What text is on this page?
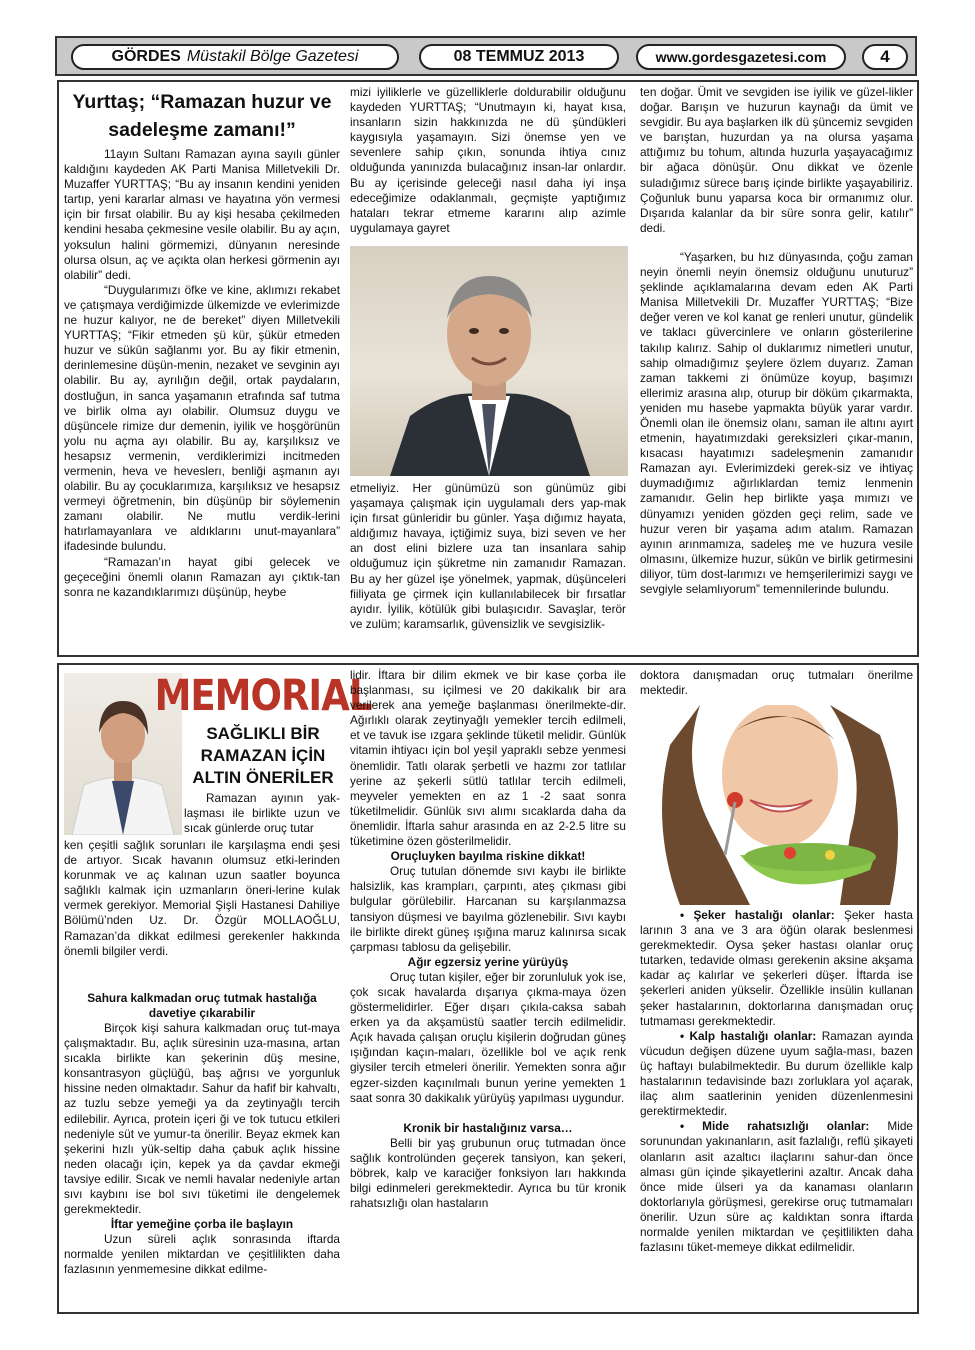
GÖRDES Müstakil Bölge Gazetesi	08 TEMMUZ 2013	www.gordesgazetesi.com	4
Yurttaş; “Ramazan huzur ve
sadeleşme zamanı!”

11ayın Sultanı Ramazan ayına sayılı günler kaldığını kaydeden AK Parti Manisa Milletvekili Dr. Muzaffer YURTTAŞ; “Bu ay insanın kendini yeniden tartıp, yeni kararlar alması ve hayatına yön vermesi için bir fırsat olabilir. Bu ay kişi hesaba çekilmeden kendini hesaba çekmesine vesile olabilir. Bu ay açın, yoksulun halini görmemizi, dünyanın neresinde olursa olsun, aç ve açıkta olan herkesi görmenin ayı olabilir” dedi.

“Duygularımızı öfke ve kine, aklımızı rekabet ve çatışmaya verdiğimizde ülkemizde ve evlerimizde ne huzur kalıyor, ne de bereket” diyen Milletvekili YURTTAŞ; “Fikir etmeden şü kür, şükür etmeden huzur ve sükûn sağlanmı yor. Bu ay fikir etmenin, derinlemesine düşün-menin, nezaket ve sevginin ayı olabilir. Bu ay, ayrılığın değil, ortak paydaların, dostluğun, in sanca yaşamanın etrafında saf tutma ve birlik olma ayı olabilir. Olumsuz duygu ve düşüncele rimize dur demenin, iyilik ve hoşgörünün yolu nu açma ayı olabilir. Bu ay, karşılıksız ve hesapsız vermenin, verdiklerimizi incitmeden vermenin, heva ve heveslerı, benliği aşmanın ayı olabilir. Bu ay çocuklarımıza, karşılıksız ve hesapsız vermeyi öğretmenin, bin düşünüp bir söylemenin zamanı olabilir. Ne mutlu verdik-lerini hatırlamayanlara ve aldıklarını unut-mayanlara” ifadesinde bulundu.

“Ramazan’ın hayat gibi gelecek ve geçeceğini önemli olanın Ramazan ayı çıktık-tan sonra ne kazandıklarımızı düşünüp, heybe

mizi iyiliklerle ve güzelliklerle doldurabilir olduğunu kaydeden YURTTAŞ; “Unutmayın ki, hayat kısa, insanların sizin hakkınızda ne dü şündükleri kaygısıyla yaşamayın. Sizi önemse yen ve sevenlere sahip çıkın, sonunda ihtiya cınız olduğunda yanınızda bulacağınız insan-lar onlardır. Bu ay içerisinde geleceği nasıl daha iyi inşa edeceğimize odaklanmalı, geçmişte yaptığımız hataları tekrar etmeme kararını alıp azimle uygulamaya gayret

etmeliyiz. Her günümüzü son günümüz gibi yaşamaya çalışmak için uygulamalı ders yap-mak için fırsat günleridir bu günler. Yaşa dığımız hayata, aldığımız havaya, içtiğimiz suya, bizi seven ve her an dost elini bizlere uza tan insanlara sahip olduğumuz için şükretme nin zamanıdır Ramazan. Bu ay her güzel işe yönelmek, yapmak, düşünceleri fiiliyata ge çirmek için kullanılabilecek bir fırsatlar ayıdır. İyilik, kötülük gibi bulaşıcıdır. Savaşlar, terör ve zulüm; karamsarlık, güvensizlik ve sevgisizlik-

ten doğar. Ümit ve sevgiden ise iyilik ve güzel-likler doğar. Barışın ve huzurun kaynağı da ümit ve sevgidir. Bu aya başlarken ilk dü şüncemiz sevgiden ve barıştan, huzurdan ya na olursa yaşama attığımız bu tohum, altında huzurla yaşayacağımız bir ağaca dönüşür. Onu dikkat ve özenle suladığımız sürece barış içinde birlikte yaşayabiliriz. Çoğunluk bunu yaparsa koca bir ormanımız olur. Dışarıda kalanlar da bir süre sonra gelir, katılır” dedi.

“Yaşarken, bu hız dünyasında, çoğu zaman neyin önemli neyin önemsiz olduğunu unuturuz” şeklinde açıklamalarına devam eden AK Parti Manisa Milletvekili Dr. Muzaffer YURTTAŞ; “Bize değer veren ve kol kanat ge renleri unutur, gündelik ve taklacı güvercinlere ve onların gösterilerine takılıp kalırız. Sahip ol duklarımız nimetleri unutur, sahip olmadığımız şeylere özlem duyarız. Zaman zaman takkemi zi önümüze koyup, başımızı ellerimiz arasına alıp, oturup bir döküm çıkarmakta, yeniden mu hasebe yapmakta büyük yarar vardır. Önemli olan ile önemsiz olanı, saman ile altını ayırt etmenin, hayatımızdaki gereksizleri çıkar-manın, kısacası hayatımızı sadeleşmenin zamanıdır Ramazan ayı. Evlerimizdeki gerek-siz ve ihtiyaç duymadığımız ağırlıklardan temiz lenmenin zamanıdır. Gelin hep birlikte yaşa mımızı ve dünyamızı yeniden gözden geçi relim, sade ve huzur veren bir yaşama adım atalım. Ramazan ayının arınmamıza, sadeleş me ve huzura vesile olmasını, ülkemize huzur, sükûn ve birlik getirmesini diliyor, tüm dost-larımızı ve hemşerilerimizi saygı ve sevgiyle selamlıyorum” temennilerinde bulundu.

MEMORIAL
SAĞLIKLI BİR
RAMAZAN İÇİN
ALTIN ÖNERİLER

Ramazan ayının yak-laşması ile birlikte uzun ve sıcak günlerde oruç tutar

ken çeşitli sağlık sorunları ile karşılaşma endi şesi de artıyor. Sıcak havanın olumsuz etki-lerinden korunmak ve aç kalınan uzun saatler boyunca sağlıklı kalmak için uzmanların öneri-lerine kulak vermek gerekiyor. Memorial Şişli Hastanesi Dahiliye Bölümü’nden Uz. Dr. Özgür MOLLAOĞLU, Ramazan’da dikkat edilmesi gerekenler hakkında önemli bilgiler verdi.

Sahura kalkmadan oruç tutmak hastalığa davetiye çıkarabilir

Birçok kişi sahura kalkmadan oruç tut-maya çalışmaktadır. Bu, açlık süresinin uza-masına, artan sıcakla birlikte kan şekerinin düş mesine, konsantrasyon güçlüğü, baş ağrısı ve yorgunluk hissine neden olmaktadır. Sahur da hafif bir kahvaltı, az tuzlu sebze yemeği ya da zeytinyağlı tercih edilebilir. Ayrıca, protein içeri ği ve tok tutucu etkileri nedeniyle süt ve yumur-ta önerilir. Beyaz ekmek kan şekerini hızlı yük-seltip daha çabuk açlık hissine neden olacağı için, kepek ya da çavdar ekmeği tavsiye edilir. Sıcak ve nemli havalar nedeniyle artan sıvı kaybını ise bol sıvı tüketimi ile dengelemek gerekmektedir.

İftar yemeğine çorba ile başlayın

Uzun süreli açlık sonrasında iftarda normalde yenilen miktardan ve çeşitlilikten daha fazlasının yenmemesine dikkat edilme-

lidir. İftara bir dilim ekmek ve bir kase çorba ile başlanması, su içilmesi ve 20 dakikalık bir ara verilerek ana yemeğe başlanması önerilmekte-dir. Ağırlıklı olarak zeytinyağlı yemekler tercih edilmeli, et ve tavuk ise ızgara şeklinde tüketil melidir. Günlük vitamin ihtiyacı için bol yeşil yapraklı sebze yenmesi önemlidir. Tatlı olarak şerbetli ve hazmı zor tatlılar yerine az şekerli sütlü tatlılar tercih edilmeli, meyveler yemekten en az 1 -2 saat sonra tüketilmelidir. Günlük sıvı alımı sıcaklarda daha da önemlidir. İftarla sahur arasında en az 2-2.5 litre su tüketimine özen gösterilmelidir.

Oruçluyken bayılma riskine dikkat!

Oruç tutulan dönemde sıvı kaybı ile birlikte halsizlik, kas krampları, çarpıntı, ateş çıkması gibi bulgular görülebilir. Harcanan su karşılanmazsa tansiyon düşmesi ve bayılma gözlenebilir. Sıvı kaybı ile birlikte direkt güneş ışığına maruz kalınırsa sıcak çarpması tablosu da gelişebilir.

Ağır egzersiz yerine yürüyüş

Oruç tutan kişiler, eğer bir zorunluluk yok ise, çok sıcak havalarda dışarıya çıkma-maya özen göstermelidirler. Eğer dışarı çıkıla-caksa sabah erken ya da akşamüstü saatler tercih edilmelidir. Açık havada çalışan oruçlu kişilerin doğrudan güneş ışığından kaçın-maları, özellikle bol ve açık renk giysiler tercih etmeleri önerilir. Yemekten sonra ağır egzer-sizden kaçınılmalı bunun yerine yemekten 1 saat sonra 30 dakikalık yürüyüş yapılması uygundur.

Kronik bir hastalığınız varsa…

Belli bir yaş grubunun oruç tutmadan önce sağlık kontrolünden geçerek tansiyon, kan şekeri, böbrek, kalp ve karaciğer fonksiyon ları hakkında bilgi edinmeleri gerekmektedir. Ayrıca bu tür kronik rahatsızlığı olan hastaların

doktora danışmadan oruç tutmaları önerilme mektedir.

• Şeker hastalığı olanlar: Şeker hasta larının 3 ana ve 3 ara öğün olarak beslenmesi gerekmektedir. Oysa şeker hastası olanlar oruç tutarken, tedavide olması gerekenin aksine akşama kadar aç kalırlar ve şekerleri düşer. İftarda ise şekerleri aniden yükselir. Özellikle insülin kullanan şeker hastalarının, doktorlarına danışmadan oruç tutmaması gerekmektedir.

• Kalp hastalığı olanlar: Ramazan ayında vücudun değişen düzene uyum sağla-ması, bazen üç haftayı bulabilmektedir. Bu durum özellikle kalp hastalarının tedavisinde bazı zorluklara yol açarak, ilaç alım saatlerinin yeniden düzenlenmesini gerektirmektedir.

• Mide rahatsızlığı olanlar: Mide sorunundan yakınanların, asit fazlalığı, reflü şikayeti olanların asit azaltıcı ilaçlarını sahur-dan önce alması gün içinde şikayetlerini azaltır. Ancak daha önce mide ülseri ya da kanaması olanların doktorlarıyla görüşmesi, gerekirse oruç tutmamaları önerilir. Uzun süre aç kaldıktan sonra iftarda normalde yenilen miktardan ve çeşitlilikten daha fazlasını tüket-memeye dikkat edilmelidir.
